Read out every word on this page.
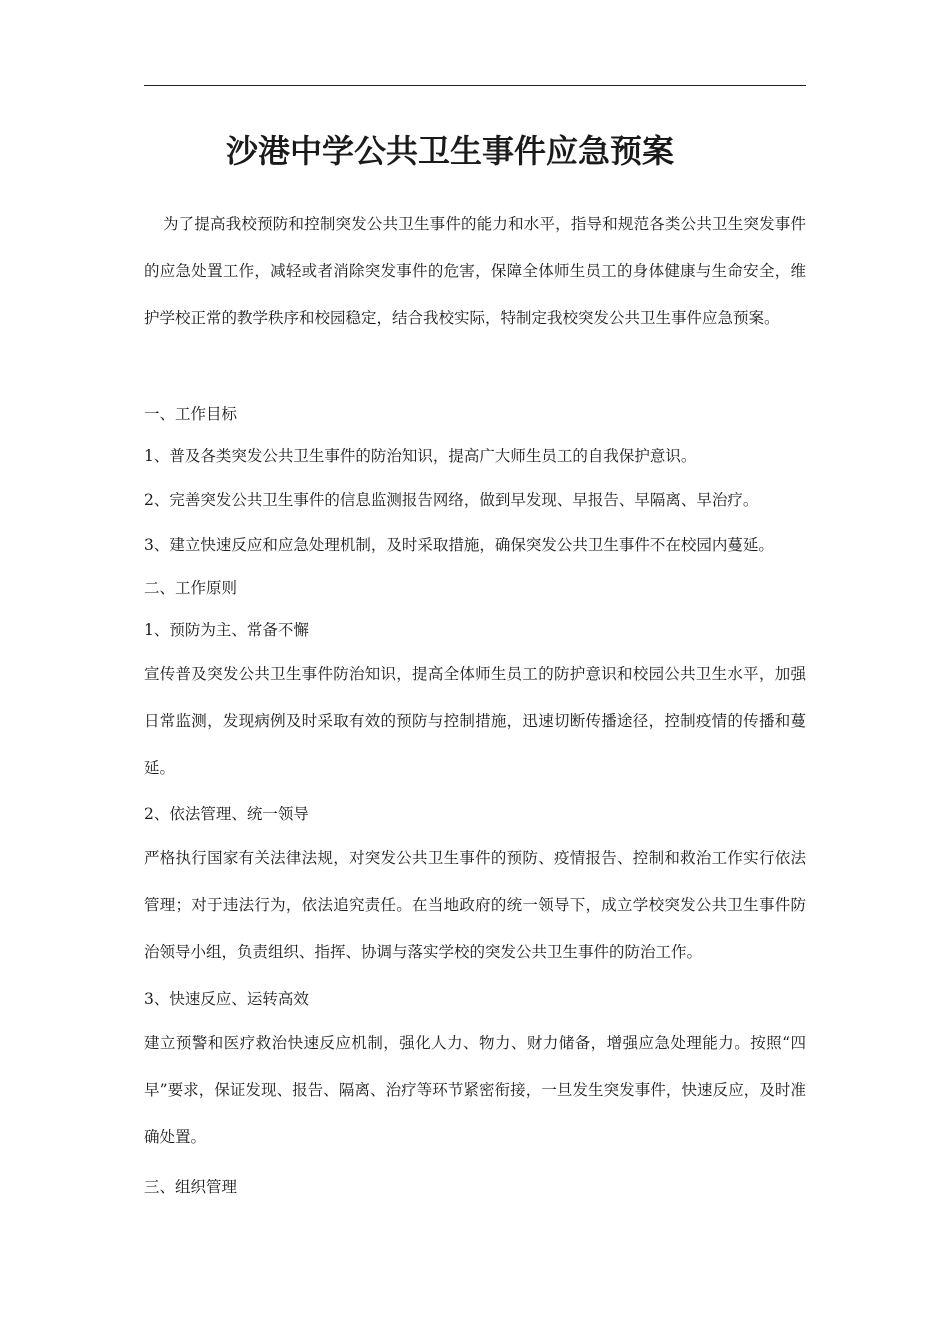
沙港中学公共卫生事件应急预案

为了提高我校预防和控制突发公共卫生事件的能力和水平，指导和规范各类公共卫生突发事件的应急处置工作，减轻或者消除突发事件的危害，保障全体师生员工的身体健康与生命安全，维护学校正常的教学秩序和校园稳定，结合我校实际，特制定我校突发公共卫生事件应急预案。

一、工作目标
1、普及各类突发公共卫生事件的防治知识，提高广大师生员工的自我保护意识。
2、完善突发公共卫生事件的信息监测报告网络，做到早发现、早报告、早隔离、早治疗。
3、建立快速反应和应急处理机制，及时采取措施，确保突发公共卫生事件不在校园内蔓延。
二、工作原则
1、预防为主、常备不懈

宣传普及突发公共卫生事件防治知识，提高全体师生员工的防护意识和校园公共卫生水平，加强日常监测，发现病例及时采取有效的预防与控制措施，迅速切断传播途径，控制疫情的传播和蔓延。

2、依法管理、统一领导

严格执行国家有关法律法规，对突发公共卫生事件的预防、疫情报告、控制和救治工作实行依法管理；对于违法行为，依法追究责任。在当地政府的统一领导下，成立学校突发公共卫生事件防治领导小组，负责组织、指挥、协调与落实学校的突发公共卫生事件的防治工作。

3、快速反应、运转高效

建立预警和医疗救治快速反应机制，强化人力、物力、财力储备，增强应急处理能力。按照“四早”要求，保证发现、报告、隔离、治疗等环节紧密衔接，一旦发生突发事件，快速反应，及时准确处置。

三、组织管理
